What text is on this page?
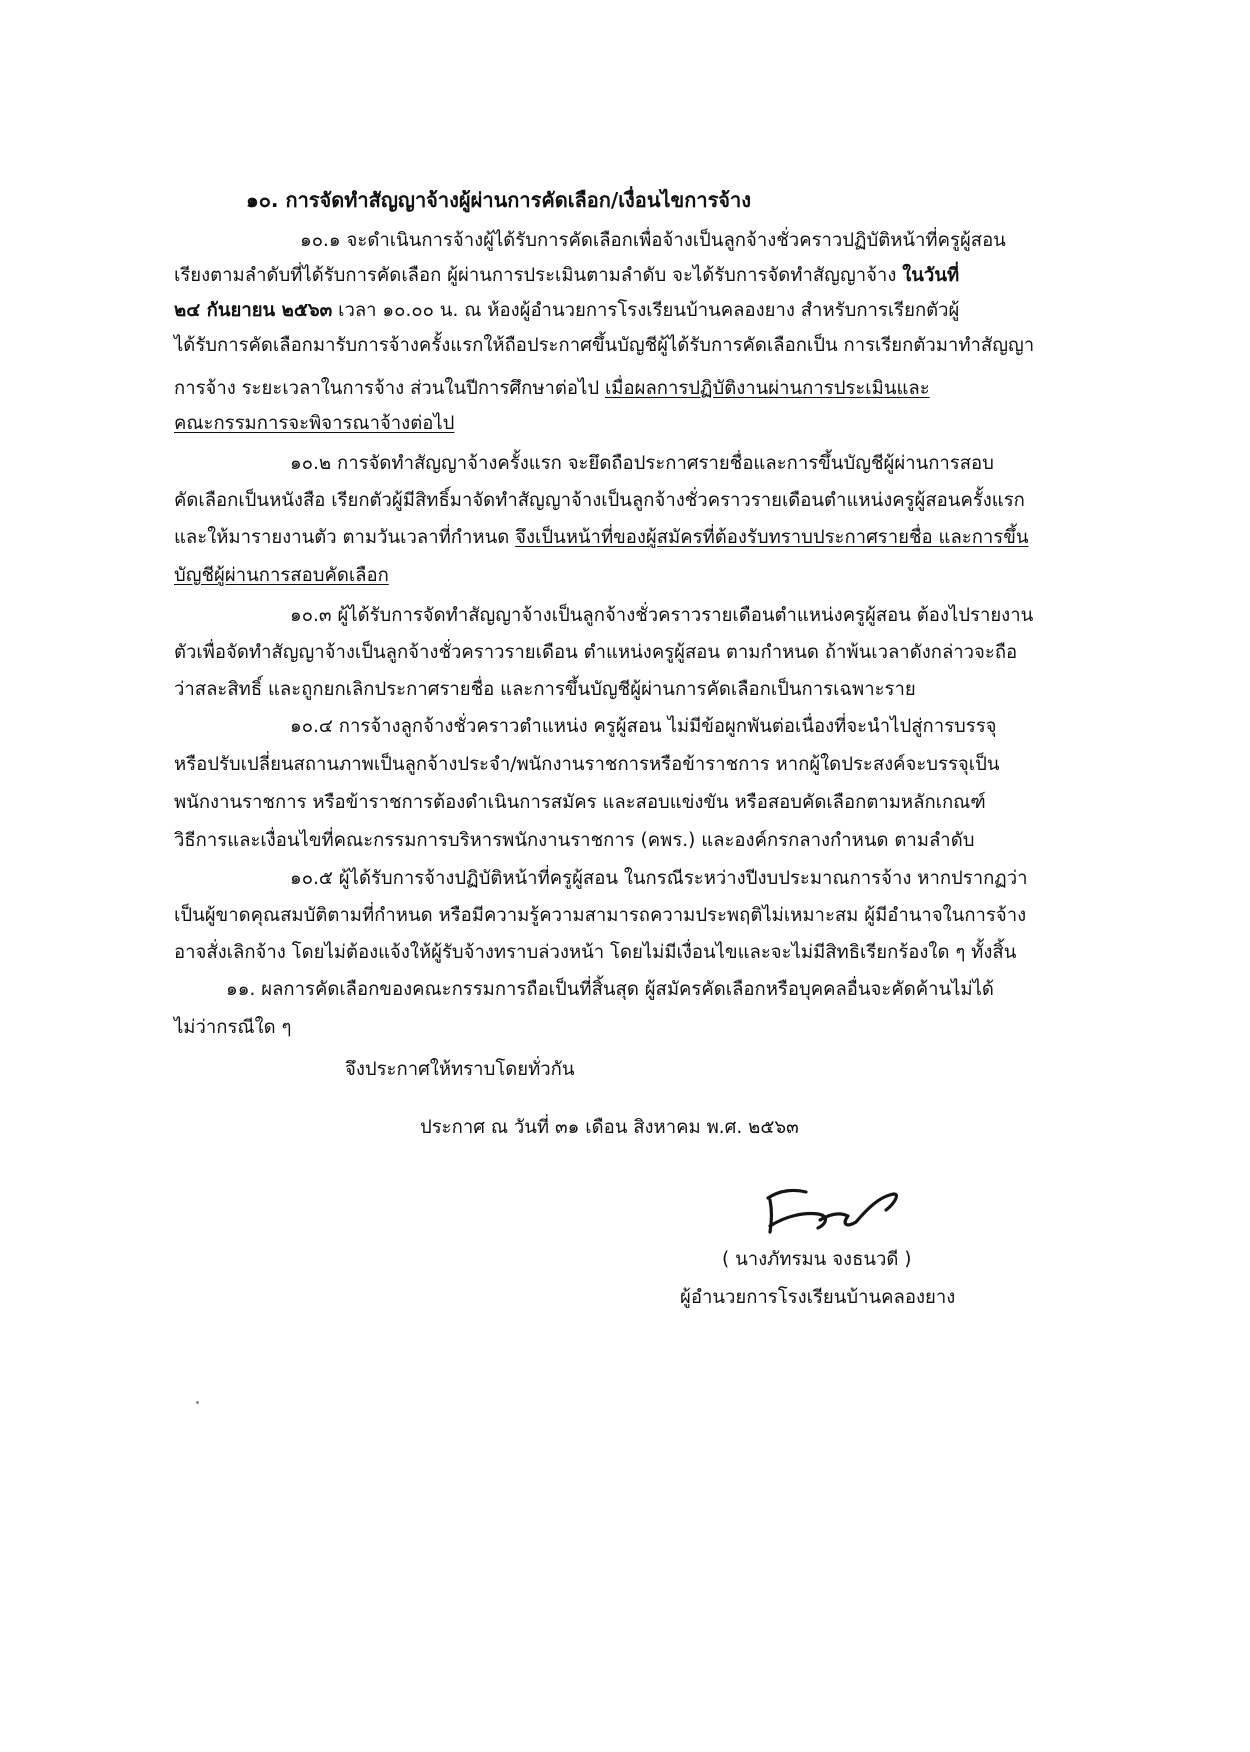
๑๐. การจัดทำสัญญาจ้างผู้ผ่านการคัดเลือก/เงื่อนไขการจ้าง
๑๐.๑ จะดำเนินการจ้างผู้ได้รับการคัดเลือกเพื่อจ้างเป็นลูกจ้างชั่วคราวปฏิบัติหน้าที่ครูผู้สอน
เรียงตามลำดับที่ได้รับการคัดเลือก ผู้ผ่านการประเมินตามลำดับ จะได้รับการจัดทำสัญญาจ้าง ในวันที่
๒๔ กันยายน ๒๕๖๓ เวลา ๑๐.๐๐ น. ณ ห้องผู้อำนวยการโรงเรียนบ้านคลองยาง สำหรับการเรียกตัวผู้
ได้รับการคัดเลือกมารับการจ้างครั้งแรกให้ถือประกาศขึ้นบัญชีผู้ได้รับการคัดเลือกเป็น การเรียกตัวมาทำสัญญา
การจ้าง ระยะเวลาในการจ้าง ส่วนในปีการศึกษาต่อไป เมื่อผลการปฏิบัติงานผ่านการประเมินและ
คณะกรรมการจะพิจารณาจ้างต่อไป
๑๐.๒ การจัดทำสัญญาจ้างครั้งแรก จะยึดถือประกาศรายชื่อและการขึ้นบัญชีผู้ผ่านการสอบ
คัดเลือกเป็นหนังสือ เรียกตัวผู้มีสิทธิ์มาจัดทำสัญญาจ้างเป็นลูกจ้างชั่วคราวรายเดือนตำแหน่งครูผู้สอนครั้งแรก
และให้มารายงานตัว ตามวันเวลาที่กำหนด จึงเป็นหน้าที่ของผู้สมัครที่ต้องรับทราบประกาศรายชื่อ และการขึ้น
บัญชีผู้ผ่านการสอบคัดเลือก
๑๐.๓ ผู้ได้รับการจัดทำสัญญาจ้างเป็นลูกจ้างชั่วคราวรายเดือนตำแหน่งครูผู้สอน ต้องไปรายงาน
ตัวเพื่อจัดทำสัญญาจ้างเป็นลูกจ้างชั่วคราวรายเดือน ตำแหน่งครูผู้สอน ตามกำหนด ถ้าพ้นเวลาดังกล่าวจะถือ
ว่าสละสิทธิ์ และถูกยกเลิกประกาศรายชื่อ และการขึ้นบัญชีผู้ผ่านการคัดเลือกเป็นการเฉพาะราย
๑๐.๔ การจ้างลูกจ้างชั่วคราวตำแหน่ง ครูผู้สอน ไม่มีข้อผูกพันต่อเนื่องที่จะนำไปสู่การบรรจุ
หรือปรับเปลี่ยนสถานภาพเป็นลูกจ้างประจำ/พนักงานราชการหรือข้าราชการ หากผู้ใดประสงค์จะบรรจุเป็น
พนักงานราชการ หรือข้าราชการต้องดำเนินการสมัคร และสอบแข่งขัน หรือสอบคัดเลือกตามหลักเกณฑ์
วิธีการและเงื่อนไขที่คณะกรรมการบริหารพนักงานราชการ (คพร.) และองค์กรกลางกำหนด ตามลำดับ
๑๐.๕ ผู้ได้รับการจ้างปฏิบัติหน้าที่ครูผู้สอน ในกรณีระหว่างปีงบประมาณการจ้าง หากปรากฏว่า
เป็นผู้ขาดคุณสมบัติตามที่กำหนด หรือมีความรู้ความสามารถความประพฤติไม่เหมาะสม ผู้มีอำนาจในการจ้าง
อาจสั่งเลิกจ้าง โดยไม่ต้องแจ้งให้ผู้รับจ้างทราบล่วงหน้า โดยไม่มีเงื่อนไขและจะไม่มีสิทธิเรียกร้องใด ๆ ทั้งสิ้น
๑๑. ผลการคัดเลือกของคณะกรรมการถือเป็นที่สิ้นสุด ผู้สมัครคัดเลือกหรือบุคคลอื่นจะคัดค้านไม่ได้
ไม่ว่ากรณีใด ๆ
จึงประกาศให้ทราบโดยทั่วกัน
ประกาศ ณ วันที่ ๓๑ เดือน สิงหาคม พ.ศ. ๒๕๖๓
( นางภัทรมน จงธนวดี )
ผู้อำนวยการโรงเรียนบ้านคลองยาง
